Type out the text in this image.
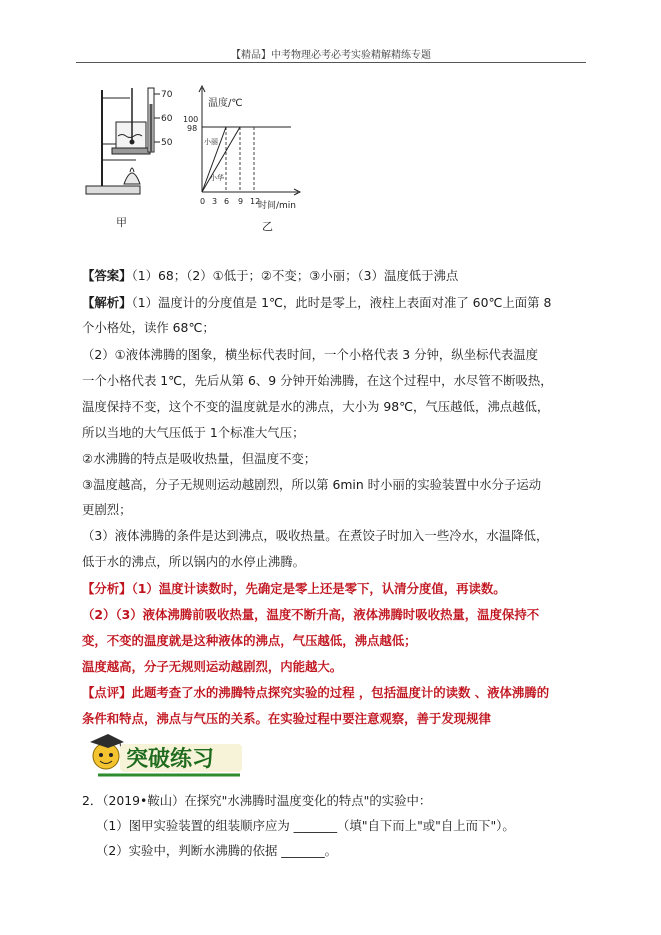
【精品】中考物理必考必考实验精解精练专题
70
60
50
甲
温度/℃
时间/min
100
98
小丽
小华
0 3 6 9 12
乙
【答案】（1）68；（2）①低于；②不变；③小丽；（3）温度低于沸点
【解析】（1）温度计的分度值是 1℃，此时是零上，液柱上表面对准了 60℃上面第 8
个小格处，读作 68℃；
（2）①液体沸腾的图象，横坐标代表时间，一个小格代表 3 分钟，纵坐标代表温度
一个小格代表 1℃，先后从第 6、9 分钟开始沸腾，在这个过程中，水尽管不断吸热，
温度保持不变，这个不变的温度就是水的沸点，大小为 98℃，气压越低，沸点越低，
所以当地的大气压低于 1个标准大气压；
②水沸腾的特点是吸收热量，但温度不变；
③温度越高，分子无规则运动越剧烈，所以第 6min 时小丽的实验装置中水分子运动
更剧烈；
（3）液体沸腾的条件是达到沸点，吸收热量。在煮饺子时加入一些冷水，水温降低，
低于水的沸点，所以锅内的水停止沸腾。
【分析】（1）温度计读数时，先确定是零上还是零下，认清分度值，再读数。
（2）（3）液体沸腾前吸收热量，温度不断升高，液体沸腾时吸收热量，温度保持不
变，不变的温度就是这种液体的沸点，气压越低，沸点越低；
温度越高，分子无规则运动越剧烈，内能越大。
【点评】此题考查了水的沸腾特点探究实验的过程 ，包括温度计的读数 、液体沸腾的
条件和特点，沸点与气压的关系。在实验过程中要注意观察，善于发现规律
突破练习
2．（2019•鞍山）在探究"水沸腾时温度变化的特点"的实验中：
（1）图甲实验装置的组装顺序应为 _______（填"自下而上"或"自上而下"）。
（2）实验中，判断水沸腾的依据 _______。
